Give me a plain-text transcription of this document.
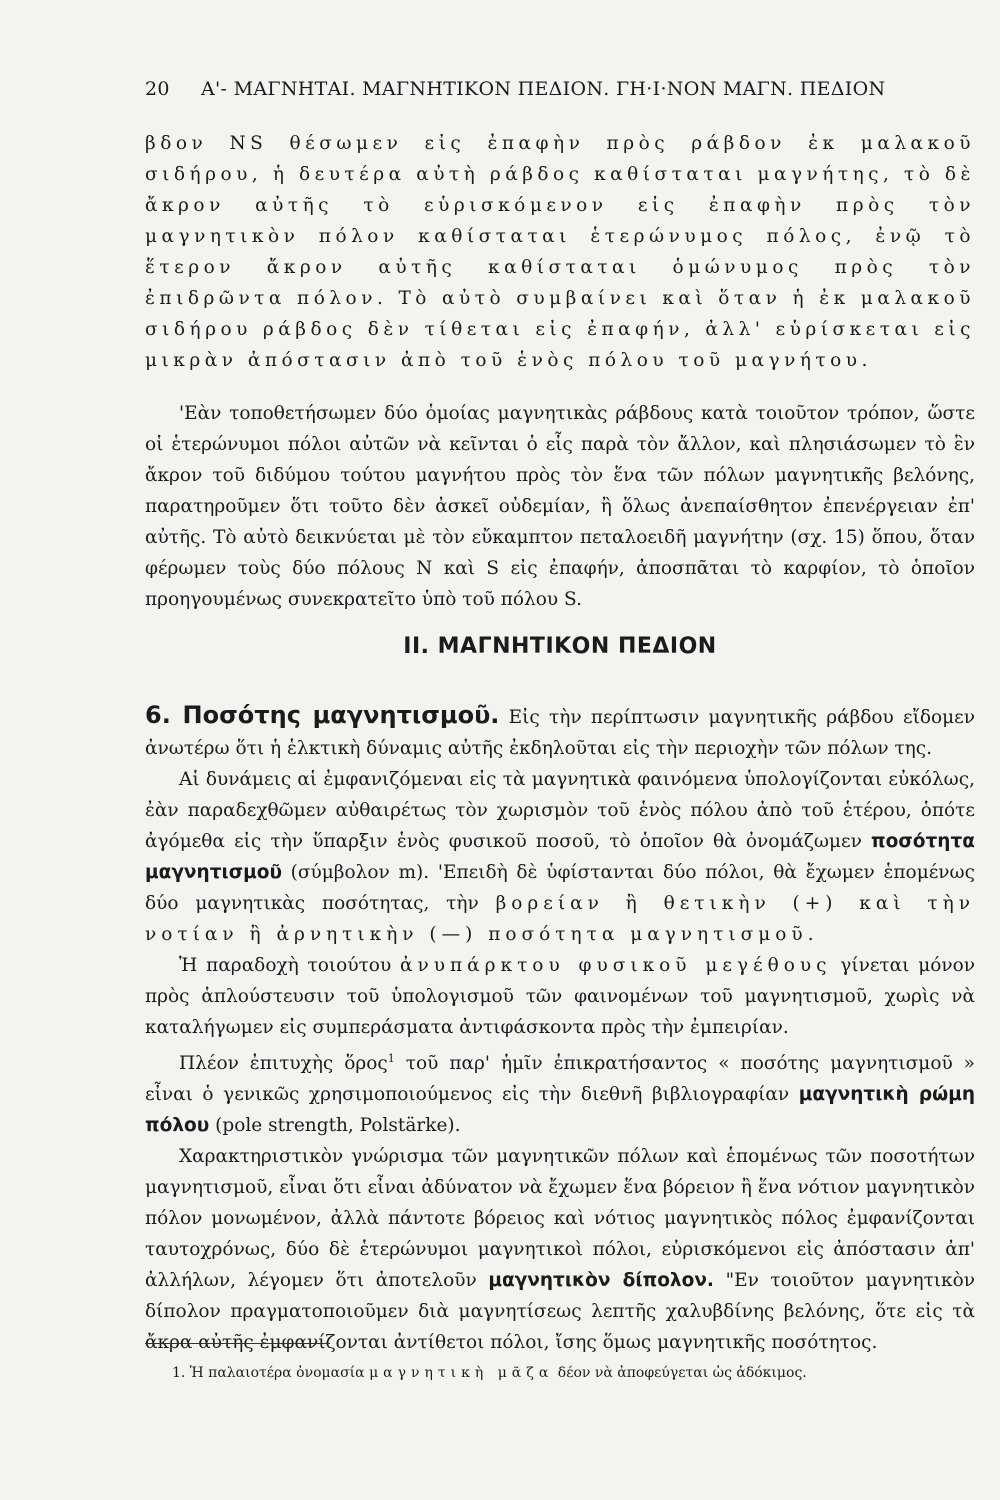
20 Α'- ΜΑΓΝΗΤΑΙ. ΜΑΓΝΗΤΙΚΟΝ ΠΕΔΙΟΝ. ΓΗ·Ι·ΝΟΝ ΜΑΓΝ. ΠΕΔΙΟΝ

βδον NS θέσωμεν εἰς ἐπαφὴν πρὸς ράβδον ἐκ μαλακοῦ σιδήρου, ἡ δευτέρα αὐτὴ ράβδος καθίσταται μαγνήτης, τὸ δὲ ἄκρον αὐτῆς τὸ εὑρισκόμενον εἰς ἐπαφὴν πρὸς τὸν μαγνητικὸν πόλον καθίσταται ἑτερώνυμος πόλος, ἐνῷ τὸ ἕτερον ἄκρον αὐτῆς καθίσταται ὁμώνυμος πρὸς τὸν ἐπιδρῶντα πόλον. Τὸ αὐτὸ συμβαίνει καὶ ὅταν ἡ ἐκ μαλακοῦ σιδήρου ράβδος δὲν τίθεται εἰς ἐπαφήν, ἀλλ' εὑρίσκεται εἰς μικρὰν ἀπόστασιν ἀπὸ τοῦ ἑνὸς πόλου τοῦ μαγνήτου.

'Εὰν τοποθετήσωμεν δύο ὁμοίας μαγνητικὰς ράβδους κατὰ τοιοῦτον τρόπον, ὥστε οἱ ἑτερώνυμοι πόλοι αὐτῶν νὰ κεῖνται ὁ εἷς παρὰ τὸν ἄλλον, καὶ πλησιάσωμεν τὸ ἓν ἄκρον τοῦ διδύμου τούτου μαγνήτου πρὸς τὸν ἕνα τῶν πόλων μαγνητικῆς βελόνης, παρατηροῦμεν ὅτι τοῦτο δὲν ἀσκεῖ οὐδεμίαν, ἢ ὅλως ἀνεπαίσθητον ἐπενέργειαν ἐπ' αὐτῆς. Τὸ αὐτὸ δεικνύεται μὲ τὸν εὔκαμπτον πεταλοειδῆ μαγνήτην (σχ. 15) ὅπου, ὅταν φέρωμεν τοὺς δύο πόλους N καὶ S εἰς ἐπαφήν, ἀποσπᾶται τὸ καρφίον, τὸ ὁποῖον προηγουμένως συνεκρατεῖτο ὑπὸ τοῦ πόλου S.

II. ΜΑΓΝΗΤΙΚΟΝ ΠΕΔΙΟΝ

6. Ποσότης μαγνητισμοῦ. Εἰς τὴν περίπτωσιν μαγνητικῆς ράβδου εἴδομεν ἀνωτέρω ὅτι ἡ ἑλκτικὴ δύναμις αὐτῆς ἐκδηλοῦται εἰς τὴν περιοχὴν τῶν πόλων της.

Αἱ δυνάμεις αἱ ἐμφανιζόμεναι εἰς τὰ μαγνητικὰ φαινόμενα ὑπολογίζονται εὐκόλως, ἐὰν παραδεχθῶμεν αὐθαιρέτως τὸν χωρισμὸν τοῦ ἑνὸς πόλου ἀπὸ τοῦ ἑτέρου, ὁπότε ἀγόμεθα εἰς τὴν ὕπαρξιν ἑνὸς φυσικοῦ ποσοῦ, τὸ ὁποῖον θὰ ὀνομάζωμεν ποσότητα μαγνητισμοῦ (σύμβολον m). 'Επειδὴ δὲ ὑφίστανται δύο πόλοι, θὰ ἔχωμεν ἑπομένως δύο μαγνητικὰς ποσότητας, τὴν βορείαν ἢ θετικὴν (+) καὶ τὴν νοτίαν ἢ ἀρνητικὴν (—) ποσότητα μαγνητισμοῦ.

Ἡ παραδοχὴ τοιούτου ἀνυπάρκτου φυσικοῦ μεγέθους γίνεται μόνον πρὸς ἁπλούστευσιν τοῦ ὑπολογισμοῦ τῶν φαινομένων τοῦ μαγνητισμοῦ, χωρὶς νὰ καταλήγωμεν εἰς συμπεράσματα ἀντιφάσκοντα πρὸς τὴν ἐμπειρίαν.

Πλέον ἐπιτυχὴς ὅρος$^1$ τοῦ παρ' ἡμῖν ἐπικρατήσαντος « ποσότης μαγνητισμοῦ » εἶναι ὁ γενικῶς χρησιμοποιούμενος εἰς τὴν διεθνῆ βιβλιογραφίαν μαγνητικὴ ρώμη πόλου (pole strength, Polstärke).

Χαρακτηριστικὸν γνώρισμα τῶν μαγνητικῶν πόλων καὶ ἑπομένως τῶν ποσοτήτων μαγνητισμοῦ, εἶναι ὅτι εἶναι ἀδύνατον νὰ ἔχωμεν ἕνα βόρειον ἢ ἕνα νότιον μαγνητικὸν πόλον μονωμένον, ἀλλὰ πάντοτε βόρειος καὶ νότιος μαγνητικὸς πόλος ἐμφανίζονται ταυτοχρόνως, δύο δὲ ἑτερώνυμοι μαγνητικοὶ πόλοι, εὑρισκόμενοι εἰς ἀπόστασιν ἀπ' ἀλλήλων, λέγομεν ὅτι ἀποτελοῦν μαγνητικὸν δίπολον. "Εν τοιοῦτον μαγνητικὸν δίπολον πραγματοποιοῦμεν διὰ μαγνητίσεως λεπτῆς χαλυβδίνης βελόνης, ὅτε εἰς τὰ ἄκρα αὐτῆς ἐμφανίζονται ἀντίθετοι πόλοι, ἴσης ὅμως μαγνητικῆς ποσότητος.

1. Ἡ παλαιοτέρα ὀνομασία μαγνητικὴ μᾶζα δέον νὰ ἀποφεύγεται ὡς ἀδόκιμος.
